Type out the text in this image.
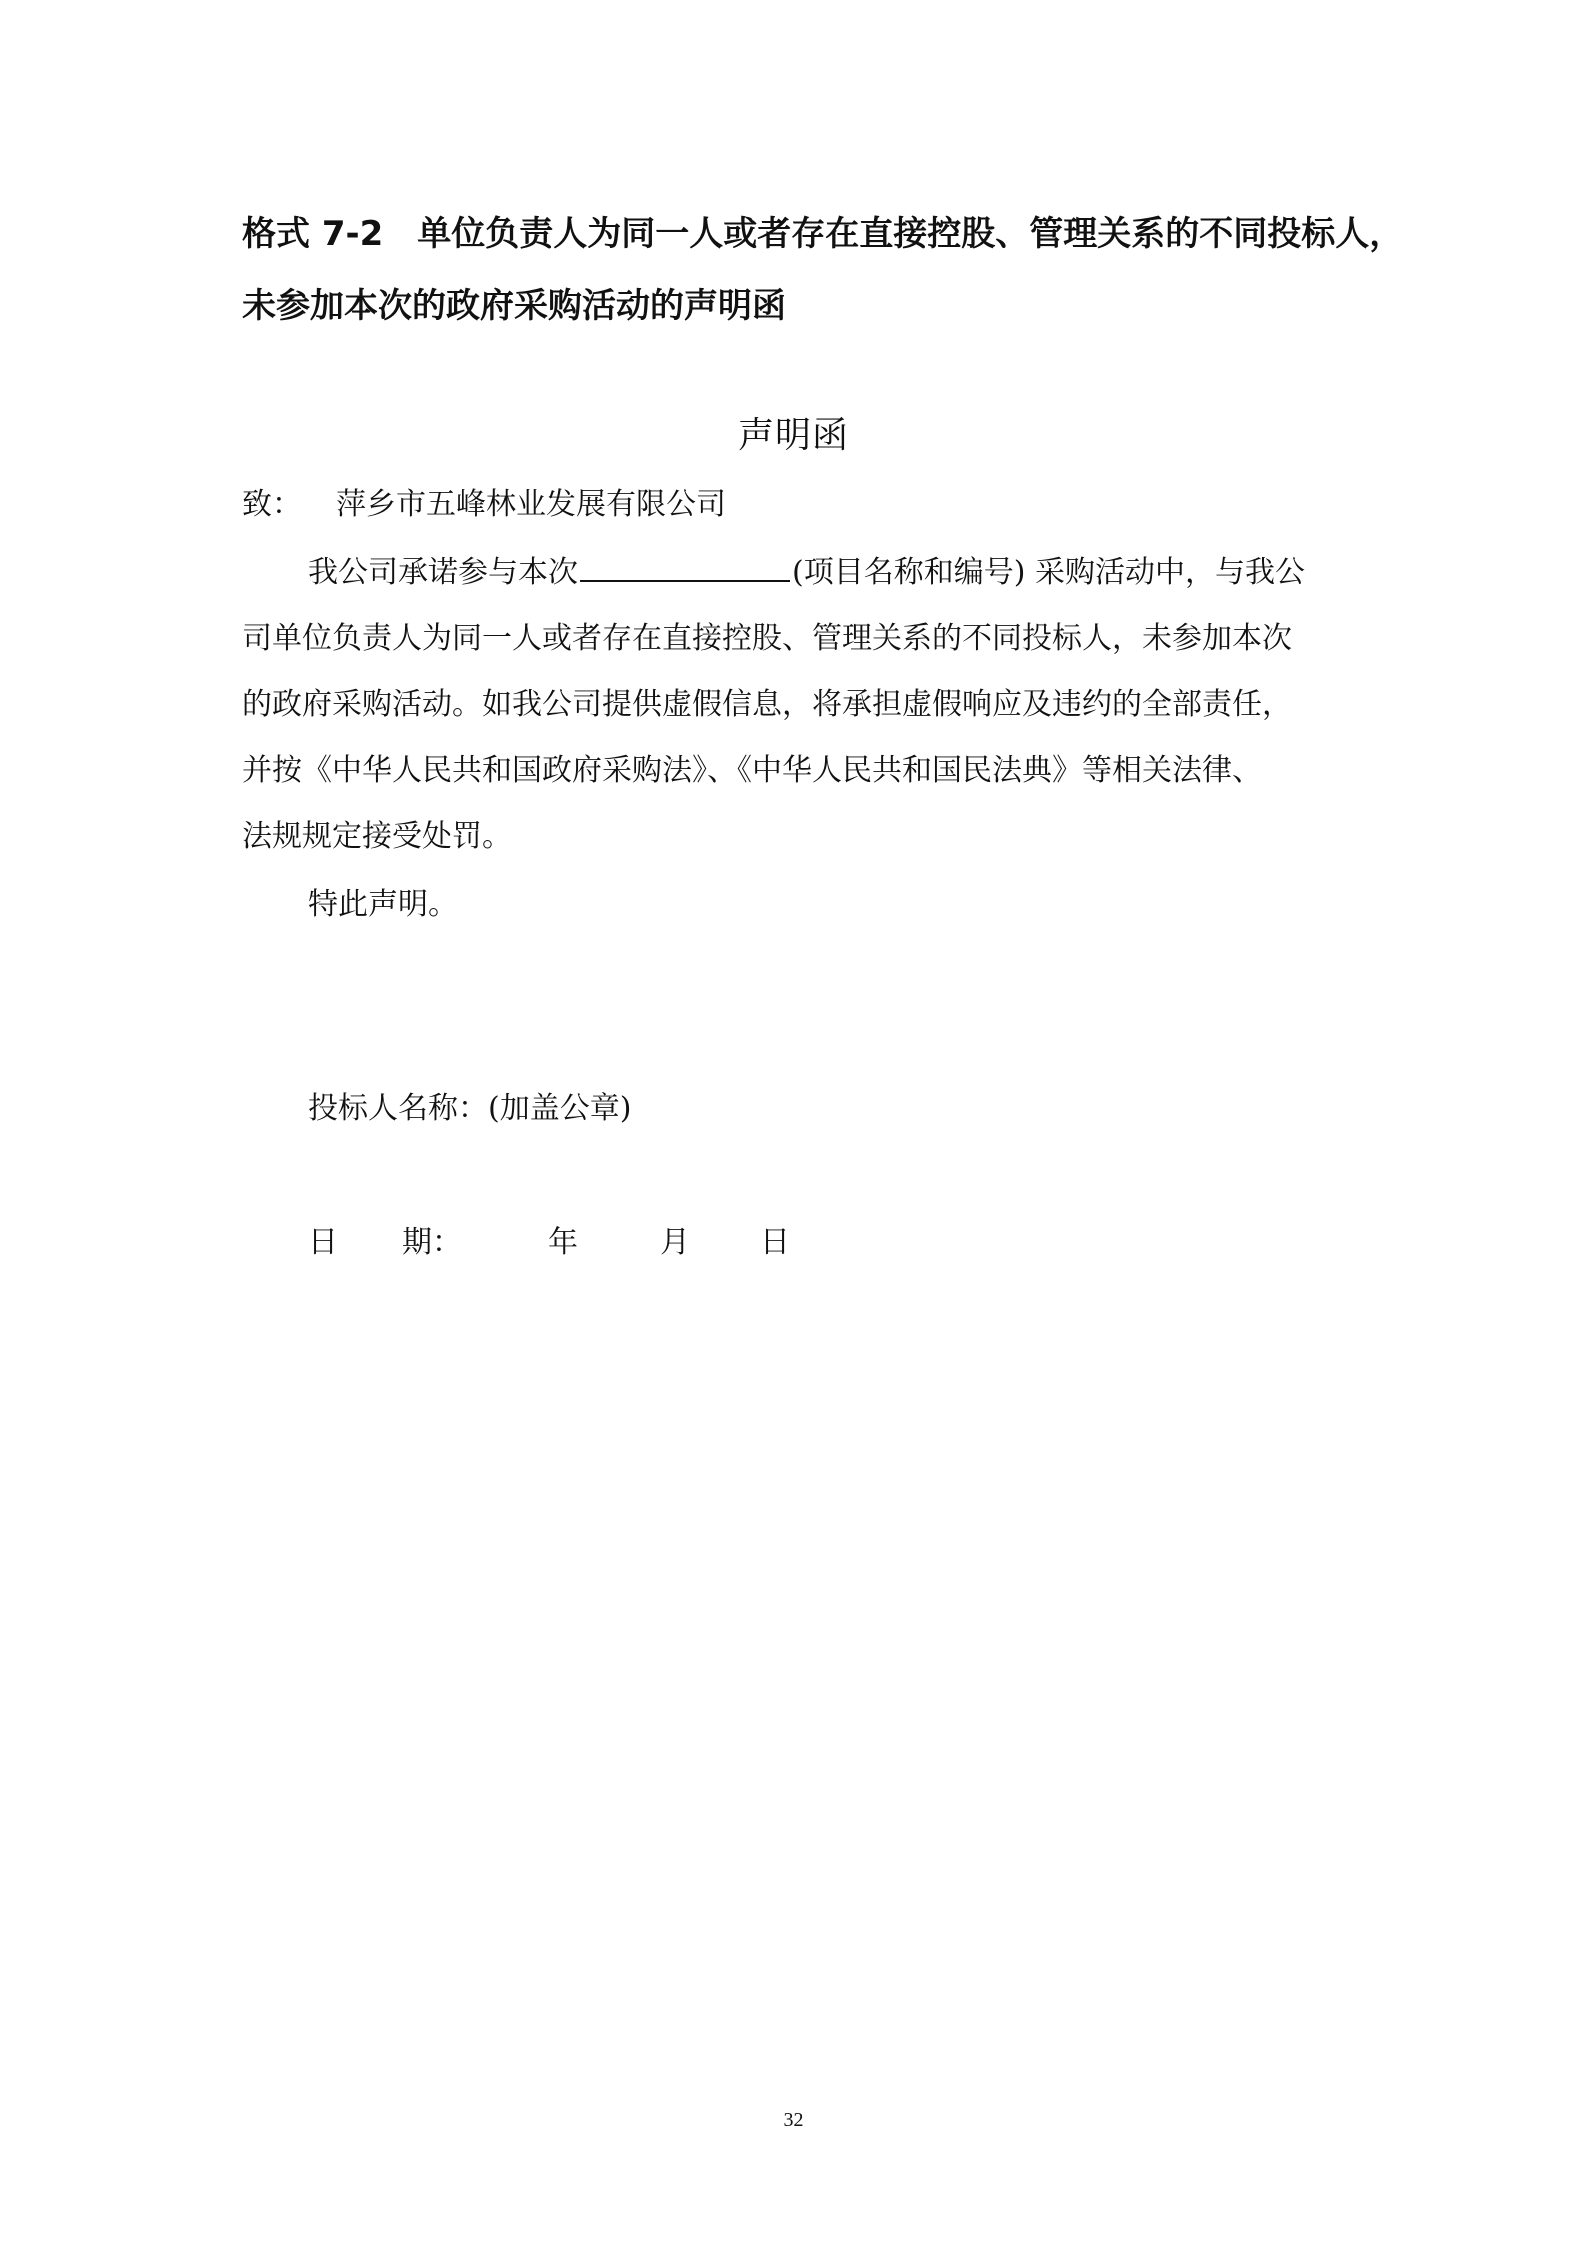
格式 7-2　单位负责人为同一人或者存在直接控股、管理关系的不同投标人，
未参加本次的政府采购活动的声明函
声明函
致： 萍乡市五峰林业发展有限公司
我公司承诺参与本次	(项目名称和编号) 采购活动中，与我公
司单位负责人为同一人或者存在直接控股、管理关系的不同投标人，未参加本次
的政府采购活动。如我公司提供虚假信息，将承担虚假响应及违约的全部责任，
并按《中华人民共和国政府采购法》、《中华人民共和国民法典》等相关法律、
法规规定接受处罚。
特此声明。
投标人名称：(加盖公章)
日 期：	年	月 日
32
